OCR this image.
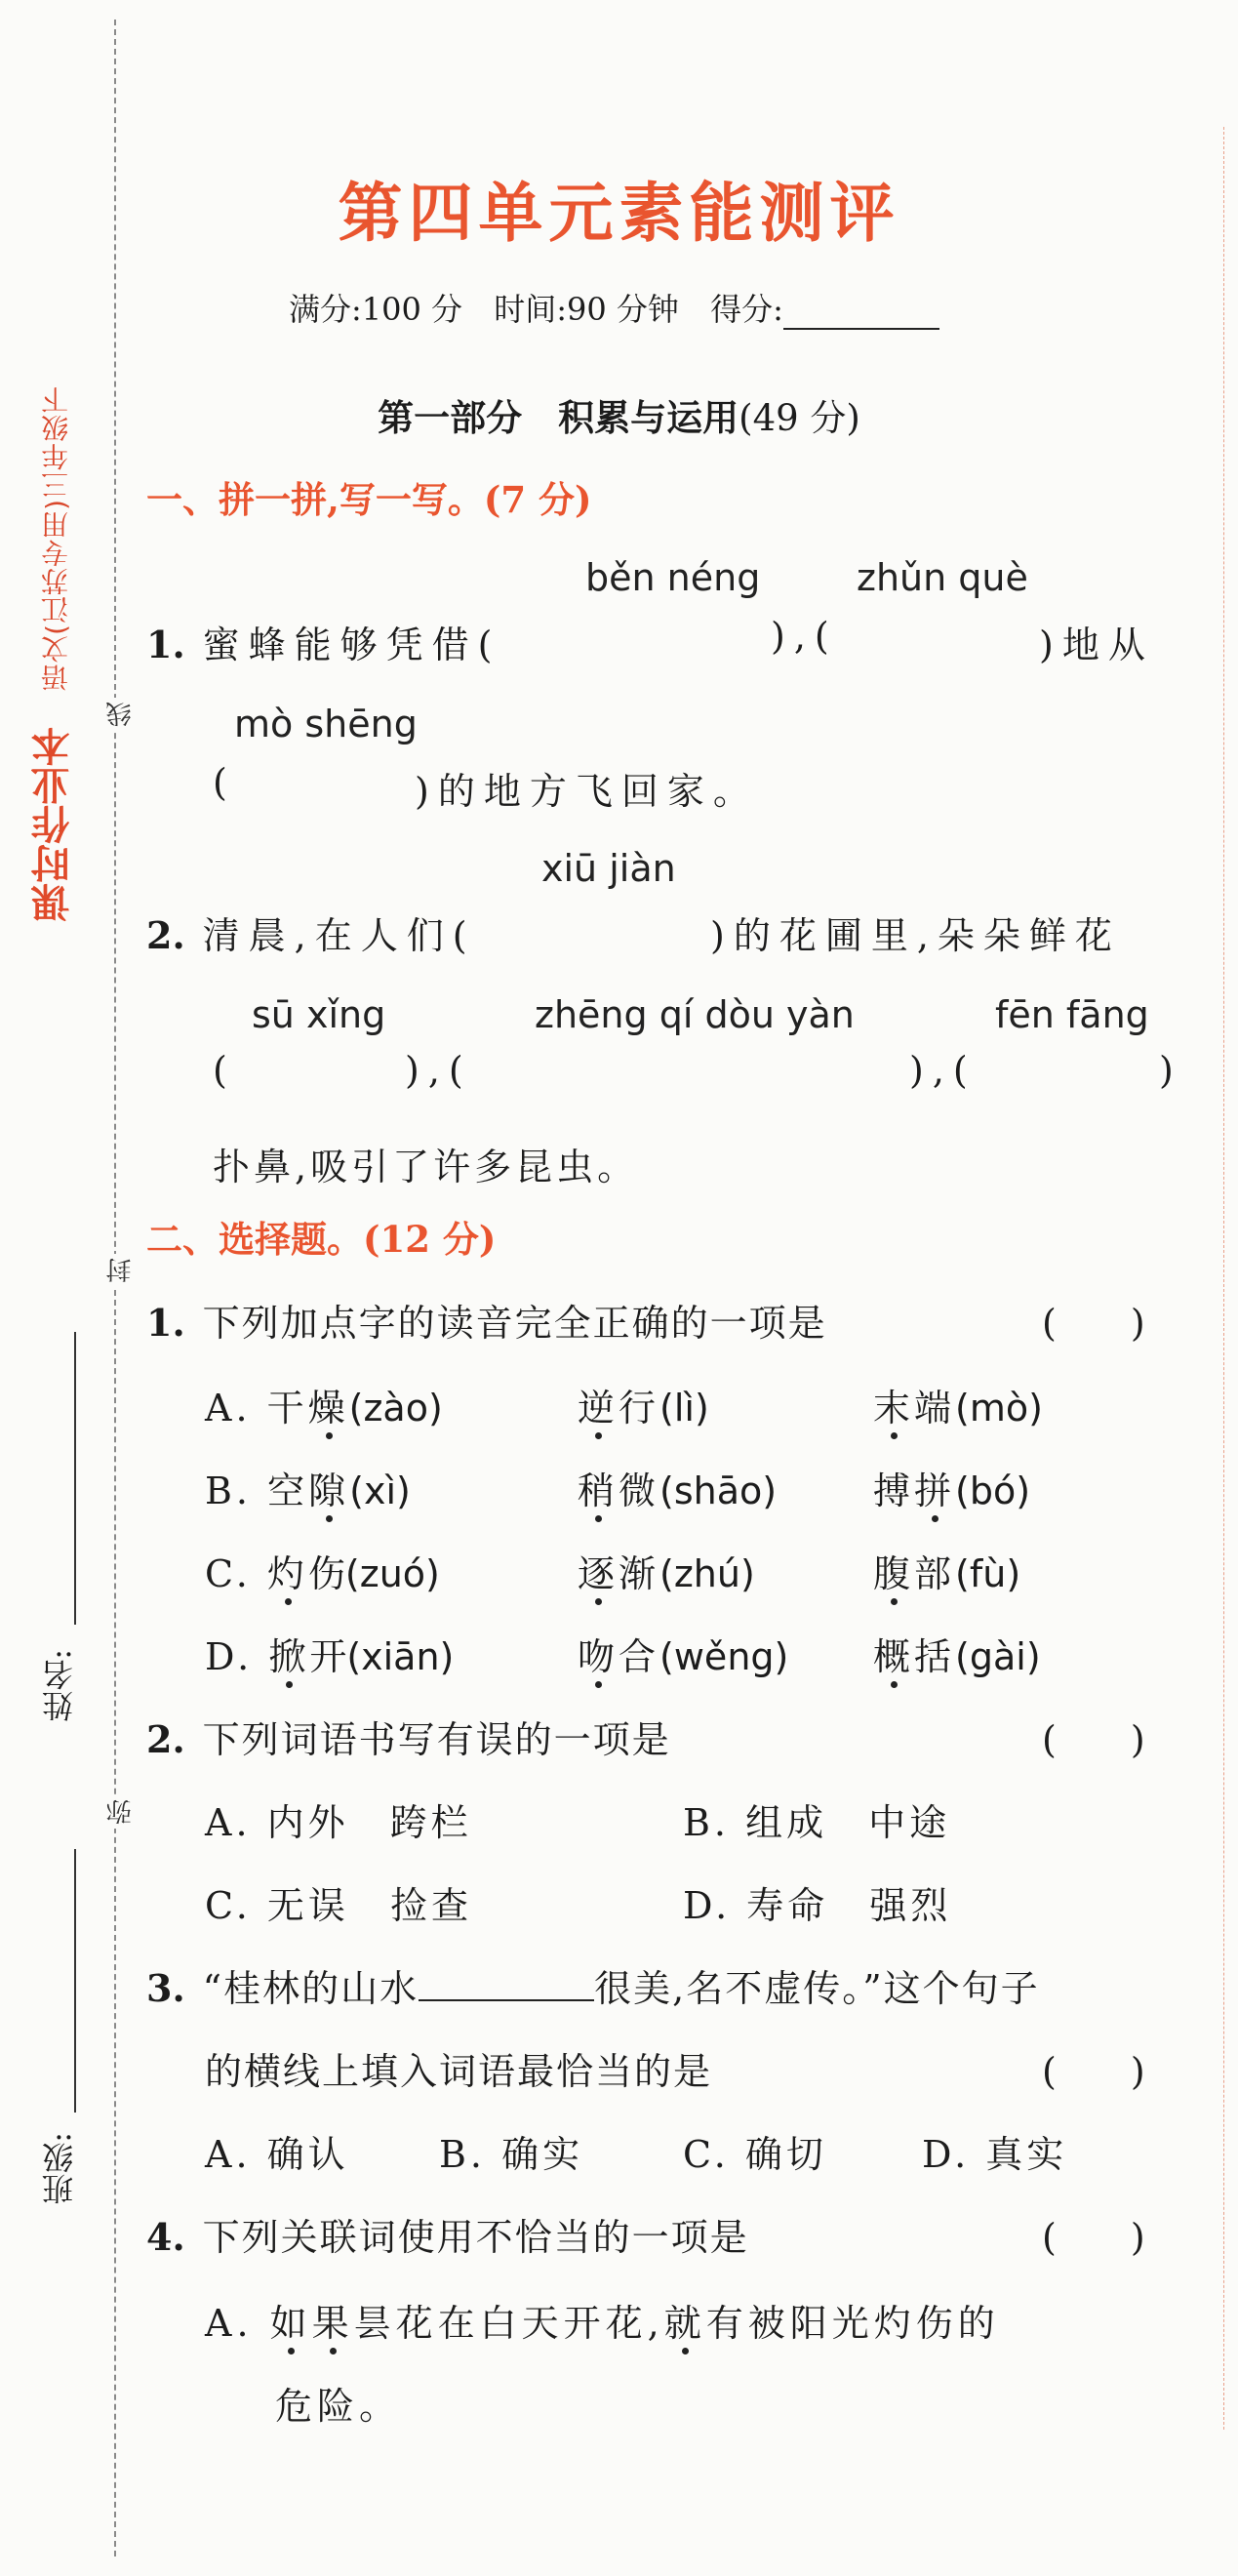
语文(江苏专用)三年级下
课时作业本
线
封
弥
姓名:
班级:
第四单元素能测评
满分:100 分 时间:90 分钟 得分:
第一部分　积累与运用(49 分)
一、拼一拼,写一写。(7 分)
běn néng	zhǔn què
1. 蜜蜂能够凭借(	),(	)地从
mò shēng
(	)的地方飞回家。
xiū jiàn
2. 清晨,在人们(	)的花圃里,朵朵鲜花
sū xǐng	zhēng qí dòu yàn	fēn fāng
(	),(	),(	)
扑鼻,吸引了许多昆虫。
二、选择题。(12 分)
1. 下列加点字的读音完全正确的一项是	(　　)
A. 干燥(zào)	逆行(lì)	末端(mò)
B. 空隙(xì)	稍微(shāo)	搏拼(bó)
C. 灼伤(zuó)	逐渐(zhú)	腹部(fù)
D. 掀开(xiān)	吻合(wěng) 概括(gài)
2. 下列词语书写有误的一项是	(　　)
A. 内外　 跨栏	B. 组成　 中途
C. 无误　 捡查	D. 寿命　 强烈
3. “桂林的山水	很美,名不虚传。”这个句子
的横线上填入词语最恰当的是	(　　)
A. 确认 B. 确实	C. 确切	D. 真实
4. 下列关联词使用不恰当的一项是	(　　)
A. 如果昙花在白天开花,就有被阳光灼伤的
危险。
